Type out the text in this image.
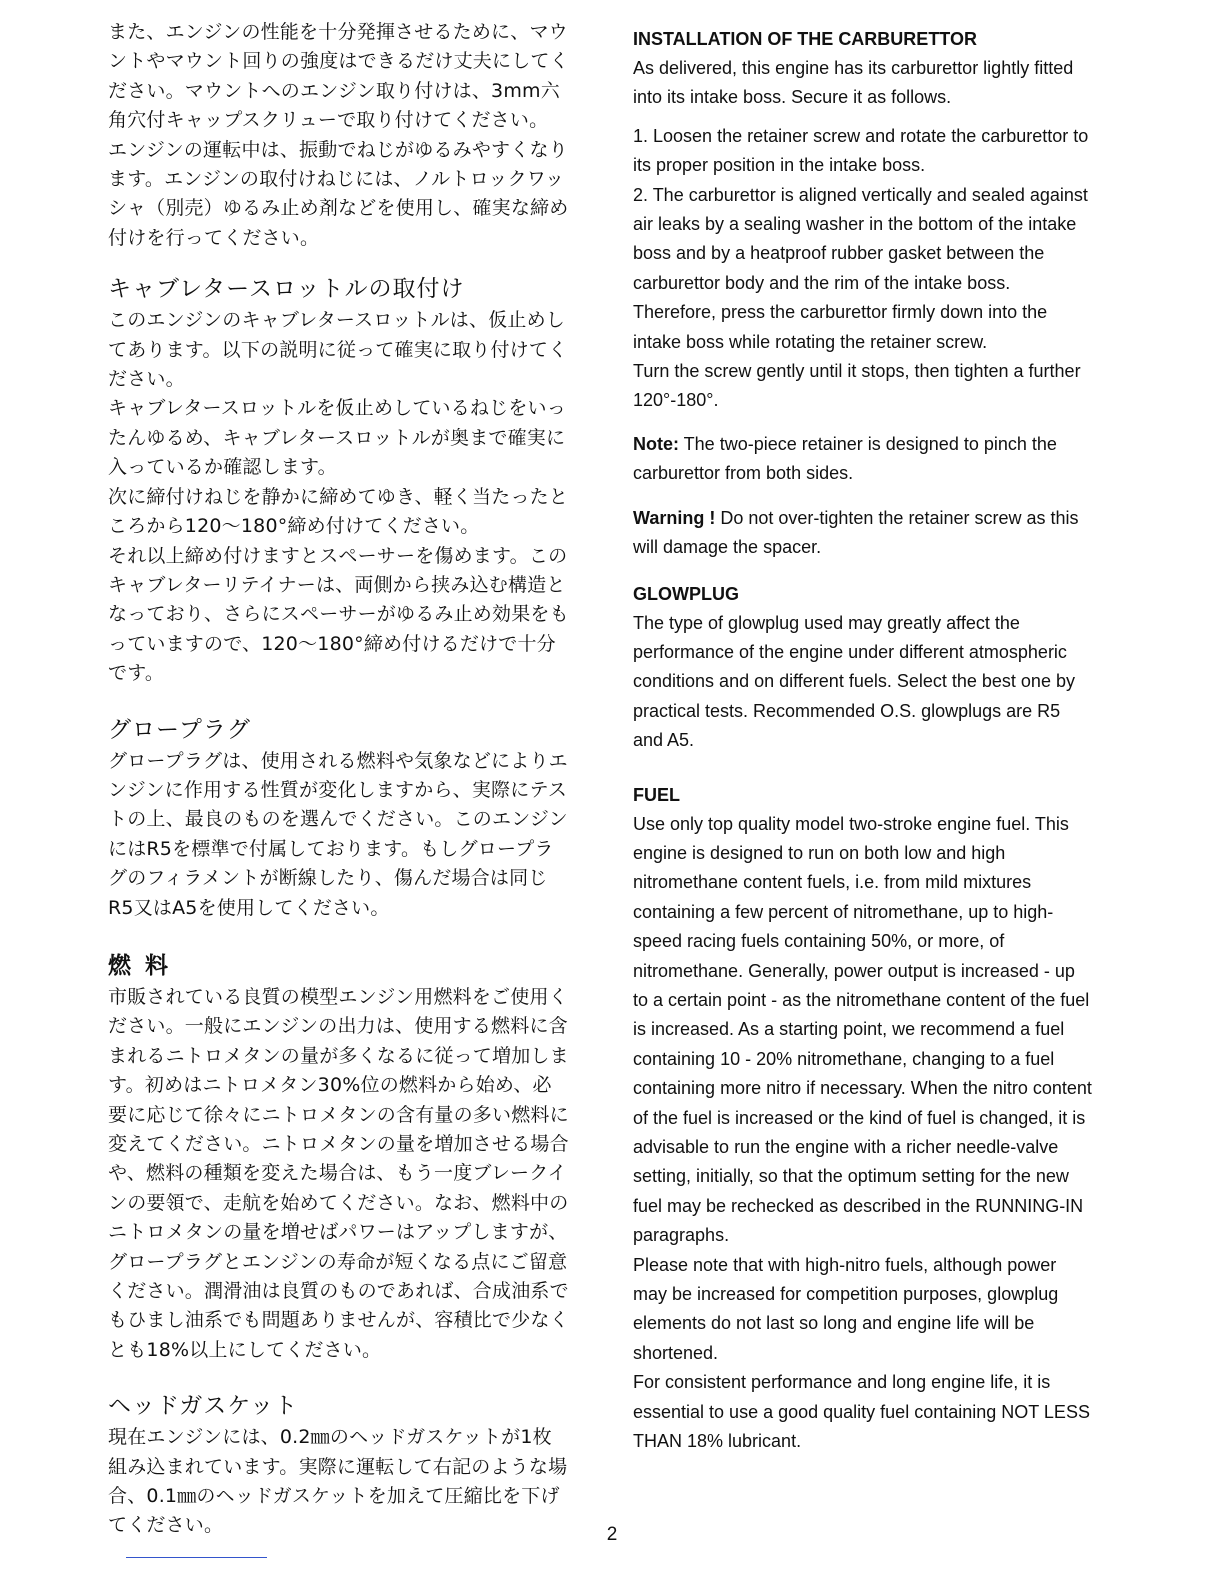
また、エンジンの性能を十分発揮させるために、マウントやマウント回りの強度はできるだけ丈夫にしてください。マウントへのエンジン取り付けは、3mm六角穴付キャップスクリューで取り付けてください。

エンジンの運転中は、振動でねじがゆるみやすくなります。エンジンの取付けねじには、ノルトロックワッシャ（別売）ゆるみ止め剤などを使用し、確実な締め付けを行ってください。

キャブレタースロットルの取付け

このエンジンのキャブレタースロットルは、仮止めしてあります。以下の説明に従って確実に取り付けてください。

キャブレタースロットルを仮止めしているねじをいったんゆるめ、キャブレタースロットルが奥まで確実に入っているか確認します。

次に締付けねじを静かに締めてゆき、軽く当たったところから120～180°締め付けてください。

それ以上締め付けますとスペーサーを傷めます。このキャブレターリテイナーは、両側から挟み込む構造となっており、さらにスペーサーがゆるみ止め効果をもっていますので、120～180°締め付けるだけで十分です。

グロープラグ

グロープラグは、使用される燃料や気象などによりエンジンに作用する性質が変化しますから、実際にテストの上、最良のものを選んでください。このエンジンにはR5を標準で付属しております。もしグロープラグのフィラメントが断線したり、傷んだ場合は同じR5又はA5を使用してください。

燃料

市販されている良質の模型エンジン用燃料をご使用ください。一般にエンジンの出力は、使用する燃料に含まれるニトロメタンの量が多くなるに従って増加します。初めはニトロメタン30%位の燃料から始め、必要に応じて徐々にニトロメタンの含有量の多い燃料に変えてください。ニトロメタンの量を増加させる場合や、燃料の種類を変えた場合は、もう一度ブレークインの要領で、走航を始めてください。なお、燃料中のニトロメタンの量を増せばパワーはアップしますが、グロープラグとエンジンの寿命が短くなる点にご留意ください。潤滑油は良質のものであれば、合成油系でもひまし油系でも問題ありませんが、容積比で少なくとも18%以上にしてください。

ヘッドガスケット

現在エンジンには、0.2㎜のヘッドガスケットが1枚組み込まれています。実際に運転して右記のような場合、0.1㎜のヘッドガスケットを加えて圧縮比を下げてください。

INSTALLATION OF THE CARBURETTOR

As delivered, this engine has its carburettor lightly fitted into its intake boss. Secure it as follows.

1. Loosen the retainer screw and rotate the carburettor to its proper position in the intake boss.

2. The carburettor is aligned vertically and sealed against air leaks by a sealing washer in the bottom of the intake boss and by a heatproof rubber gasket between the carburettor body and the rim of the intake boss. Therefore, press the carburettor firmly down into the intake boss while rotating the retainer screw.

Turn the screw gently until it stops, then tighten a further 120°-180°.

Note: The two-piece retainer is designed to pinch the carburettor from both sides.

Warning ! Do not over-tighten the retainer screw as this will damage the spacer.

GLOWPLUG

The type of glowplug used may greatly affect the performance of the engine under different atmospheric conditions and on different fuels. Select the best one by practical tests. Recommended O.S. glowplugs are R5 and A5.

FUEL

Use only top quality model two-stroke engine fuel. This engine is designed to run on both low and high nitromethane content fuels, i.e. from mild mixtures containing a few percent of nitromethane, up to high-speed racing fuels containing 50%, or more, of nitromethane. Generally, power output is increased - up to a certain point - as the nitromethane content of the fuel is increased. As a starting point, we recommend a fuel containing 10 - 20% nitromethane, changing to a fuel containing more nitro if necessary. When the nitro content of the fuel is increased or the kind of fuel is changed, it is advisable to run the engine with a richer needle-valve setting, initially, so that the optimum setting for the new fuel may be rechecked as described in the RUNNING-IN paragraphs.

Please note that with high-nitro fuels, although power may be increased for competition purposes, glowplug elements do not last so long and engine life will be shortened.

For consistent performance and long engine life, it is essential to use a good quality fuel containing NOT LESS THAN 18% lubricant.

2
